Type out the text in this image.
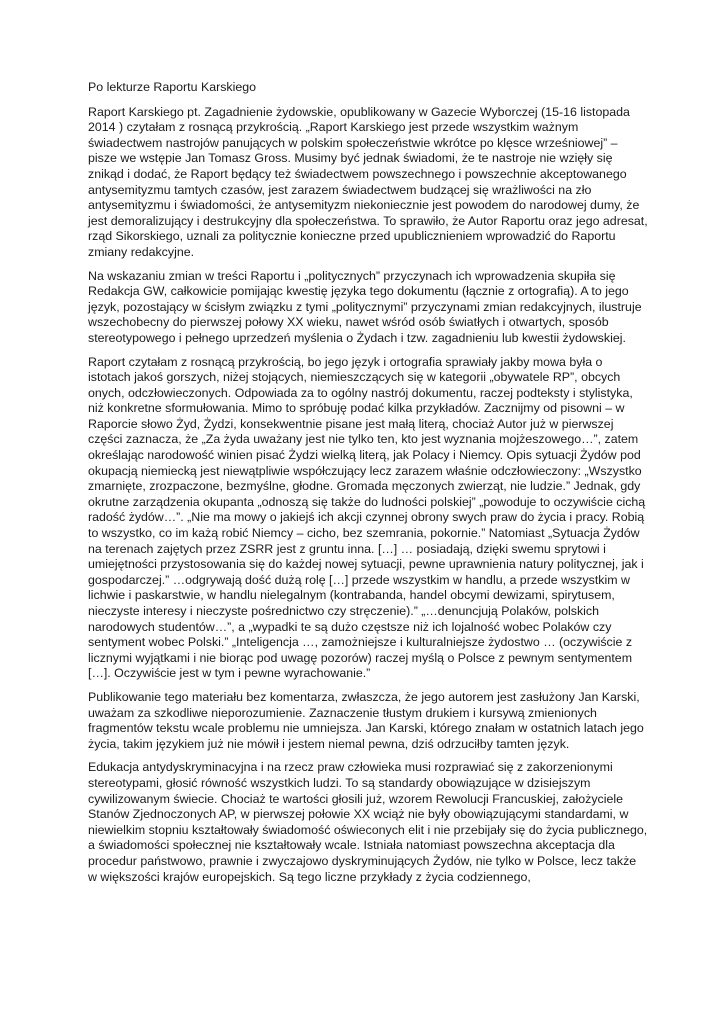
Po lekturze Raportu Karskiego

Raport Karskiego pt. Zagadnienie żydowskie, opublikowany w Gazecie Wyborczej (15-16 listopada 2014 ) czytałam z rosnącą przykrością. „Raport Karskiego jest przede wszystkim ważnym świadectwem nastrojów panujących w polskim społeczeństwie wkrótce po klęsce wrześniowej” – pisze we wstępie Jan Tomasz Gross. Musimy być jednak świadomi, że te nastroje nie wzięły się znikąd i dodać, że Raport będący też świadectwem powszechnego i powszechnie akceptowanego antysemityzmu tamtych czasów, jest zarazem świadectwem budzącej się wrażliwości na zło antysemityzmu i świadomości, że antysemityzm niekoniecznie jest powodem do narodowej dumy, że jest demoralizujący i destrukcyjny dla społeczeństwa. To sprawiło, że Autor Raportu oraz jego adresat, rząd Sikorskiego, uznali za politycznie konieczne przed upublicznieniem wprowadzić do Raportu zmiany redakcyjne.

Na wskazaniu zmian w treści Raportu i „politycznych” przyczynach ich wprowadzenia skupiła się Redakcja GW, całkowicie pomijając kwestię języka tego dokumentu (łącznie z ortografią). A to jego język, pozostający w ścisłym związku z tymi „politycznymi” przyczynami zmian redakcyjnych, ilustruje wszechobecny do pierwszej połowy XX wieku, nawet wśród osób światłych i otwartych, sposób stereotypowego i pełnego uprzedzeń myślenia o Żydach i tzw. zagadnieniu lub kwestii żydowskiej.

Raport czytałam z rosnącą przykrością, bo jego język i ortografia sprawiały jakby mowa była o istotach jakoś gorszych, niżej stojących, niemieszczących się w kategorii „obywatele RP”, obcych onych, odczłowieczonych. Odpowiada za to ogólny nastrój dokumentu, raczej podteksty i stylistyka, niż konkretne sformułowania. Mimo to spróbuję podać kilka przykładów. Zacznijmy od pisowni – w Raporcie słowo Żyd, Żydzi, konsekwentnie pisane jest małą literą, chociaż Autor już w pierwszej części zaznacza, że „Za żyda uważany jest nie tylko ten, kto jest wyznania mojżeszowego…”, zatem określając narodowość winien pisać Żydzi wielką literą, jak Polacy i Niemcy. Opis sytuacji Żydów pod okupacją niemiecką jest niewątpliwie współczujący lecz zarazem właśnie odczłowieczony: „Wszystko zmarnięte, zrozpaczone, bezmyślne, głodne. Gromada męczonych zwierząt, nie ludzie.” Jednak, gdy okrutne zarządzenia okupanta „odnoszą się także do ludności polskiej” „powoduje to oczywiście cichą radość żydów…”. „Nie ma mowy o jakiejś ich akcji czynnej obrony swych praw do życia i pracy. Robią to wszystko, co im każą robić Niemcy – cicho, bez szemrania, pokornie.” Natomiast „Sytuacja Żydów na terenach zajętych przez ZSRR jest z gruntu inna. […] … posiadają, dzięki swemu sprytowi i umiejętności przystosowania się do każdej nowej sytuacji, pewne uprawnienia natury politycznej, jak i gospodarczej.” …odgrywają dość dużą rolę […] przede wszystkim w handlu, a przede wszystkim w lichwie i paskarstwie, w handlu nielegalnym (kontrabanda, handel obcymi dewizami, spirytusem, nieczyste interesy i nieczyste pośrednictwo czy stręczenie).” „…denuncjują Polaków, polskich narodowych studentów…”, a „wypadki te są dużo częstsze niż ich lojalność wobec Polaków czy sentyment wobec Polski.” „Inteligencja …, zamożniejsze i kulturalniejsze żydostwo … (oczywiście z licznymi wyjątkami i nie biorąc pod uwagę pozorów) raczej myślą o Polsce z pewnym sentymentem […]. Oczywiście jest w tym i pewne wyrachowanie.”

Publikowanie tego materiału bez komentarza, zwłaszcza, że jego autorem jest zasłużony Jan Karski, uważam za szkodliwe nieporozumienie. Zaznaczenie tłustym drukiem i kursywą zmienionych fragmentów tekstu wcale problemu nie umniejsza. Jan Karski, którego znałam w ostatnich latach jego życia, takim językiem już nie mówił i jestem niemal pewna, dziś odrzuciłby tamten język.

Edukacja antydyskryminacyjna i na rzecz praw człowieka musi rozprawiać się z zakorzenionymi stereotypami, głosić równość wszystkich ludzi. To są standardy obowiązujące w dzisiejszym cywilizowanym świecie. Chociaż te wartości głosili już, wzorem Rewolucji Francuskiej, założyciele Stanów Zjednoczonych AP, w pierwszej połowie XX wciąż nie były obowiązującymi standardami, w niewielkim stopniu kształtowały świadomość oświeconych elit i nie przebijały się do życia publicznego, a świadomości społecznej nie kształtowały wcale. Istniała natomiast powszechna akceptacja dla procedur państwowo, prawnie i zwyczajowo dyskryminujących Żydów, nie tylko w Polsce, lecz także w większości krajów europejskich. Są tego liczne przykłady z życia codziennego,
